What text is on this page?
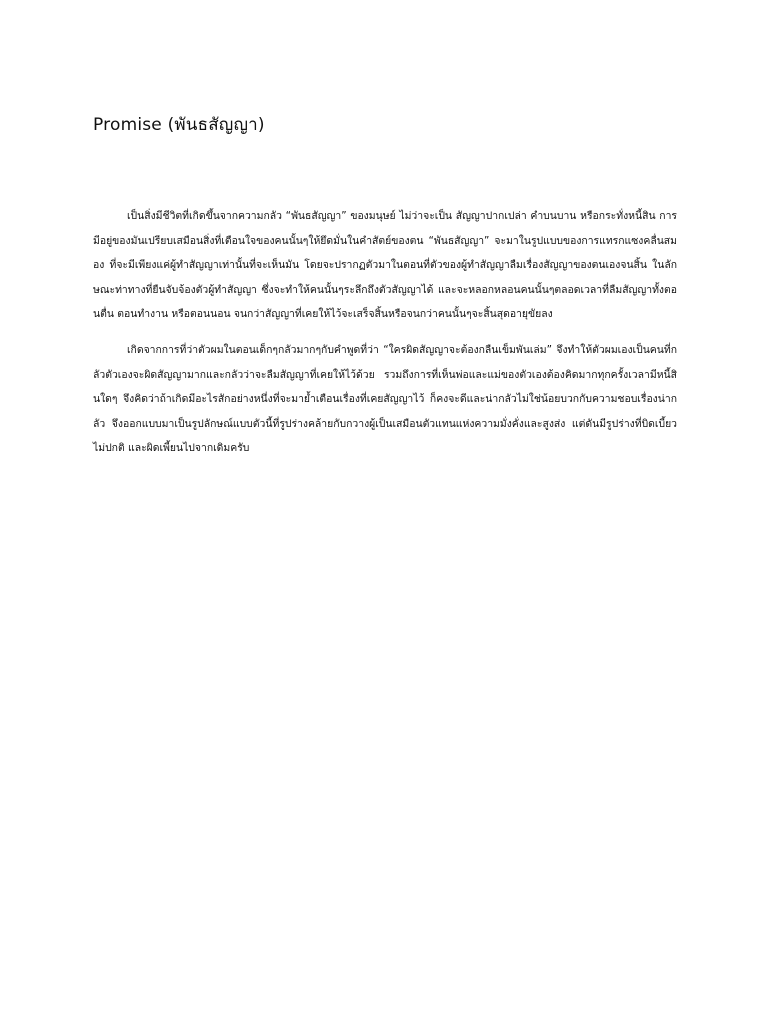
Promise (พันธสัญญา)

เป็นสิ่งมีชีวิตที่เกิดขึ้นจากความกลัว “พันธสัญญา” ของมนุษย์ ไม่ว่าจะเป็น สัญญาปากเปล่า คำบนบาน หรือกระทั่งหนี้สิน การมีอยู่ของมันเปรียบเสมือนสิ่งที่เตือนใจของคนนั้นๆให้ยึดมั่นในคำสัตย์ของตน “พันธสัญญา” จะมาในรูปแบบของการแทรกแซงคลื่นสมอง ที่จะมีเพียงแค่ผู้ทำสัญญาเท่านั้นที่จะเห็นมัน โดยจะปรากฏตัวมาในตอนที่ตัวของผู้ทำสัญญาลืมเรื่องสัญญาของตนเองจนสิ้น ในลักษณะท่าทางที่ยืนจับจ้องตัวผู้ทำสัญญา ซึ่งจะทำให้คนนั้นๆระลึกถึงตัวสัญญาได้ และจะหลอกหลอนคนนั้นๆตลอดเวลาที่ลืมสัญญาทั้งตอนตื่น ตอนทำงาน หรือตอนนอน จนกว่าสัญญาที่เคยให้ไว้จะเสร็จสิ้นหรือจนกว่าคนนั้นๆจะสิ้นสุดอายุขัยลง

เกิดจากการที่ว่าตัวผมในตอนเด็กๆกลัวมากๆกับคำพูดที่ว่า “ใครผิดสัญญาจะต้องกลืนเข็มพันเล่ม” จึงทำให้ตัวผมเองเป็นคนที่กลัวตัวเองจะผิดสัญญามากและกลัวว่าจะลืมสัญญาที่เคยให้ไว้ด้วย รวมถึงการที่เห็นพ่อและแม่ของตัวเองต้องคิดมากทุกครั้งเวลามีหนี้สินใดๆ จึงคิดว่าถ้าเกิดมีอะไรสักอย่างหนึ่งที่จะมาย้ำเตือนเรื่องที่เคยสัญญาไว้ ก็คงจะดีและน่ากลัวไม่ใช่น้อยบวกกับความชอบเรื่องน่ากลัว จึงออกแบบมาเป็นรูปลักษณ์แบบตัวนี้ที่รูปร่างคล้ายกับกวางผู้เป็นเสมือนตัวแทนแห่งความมั่งคั่งและสูงส่ง แต่ดันมีรูปร่างที่บิดเบี้ยว ไม่ปกติ และผิดเพี้ยนไปจากเดิมครับ
